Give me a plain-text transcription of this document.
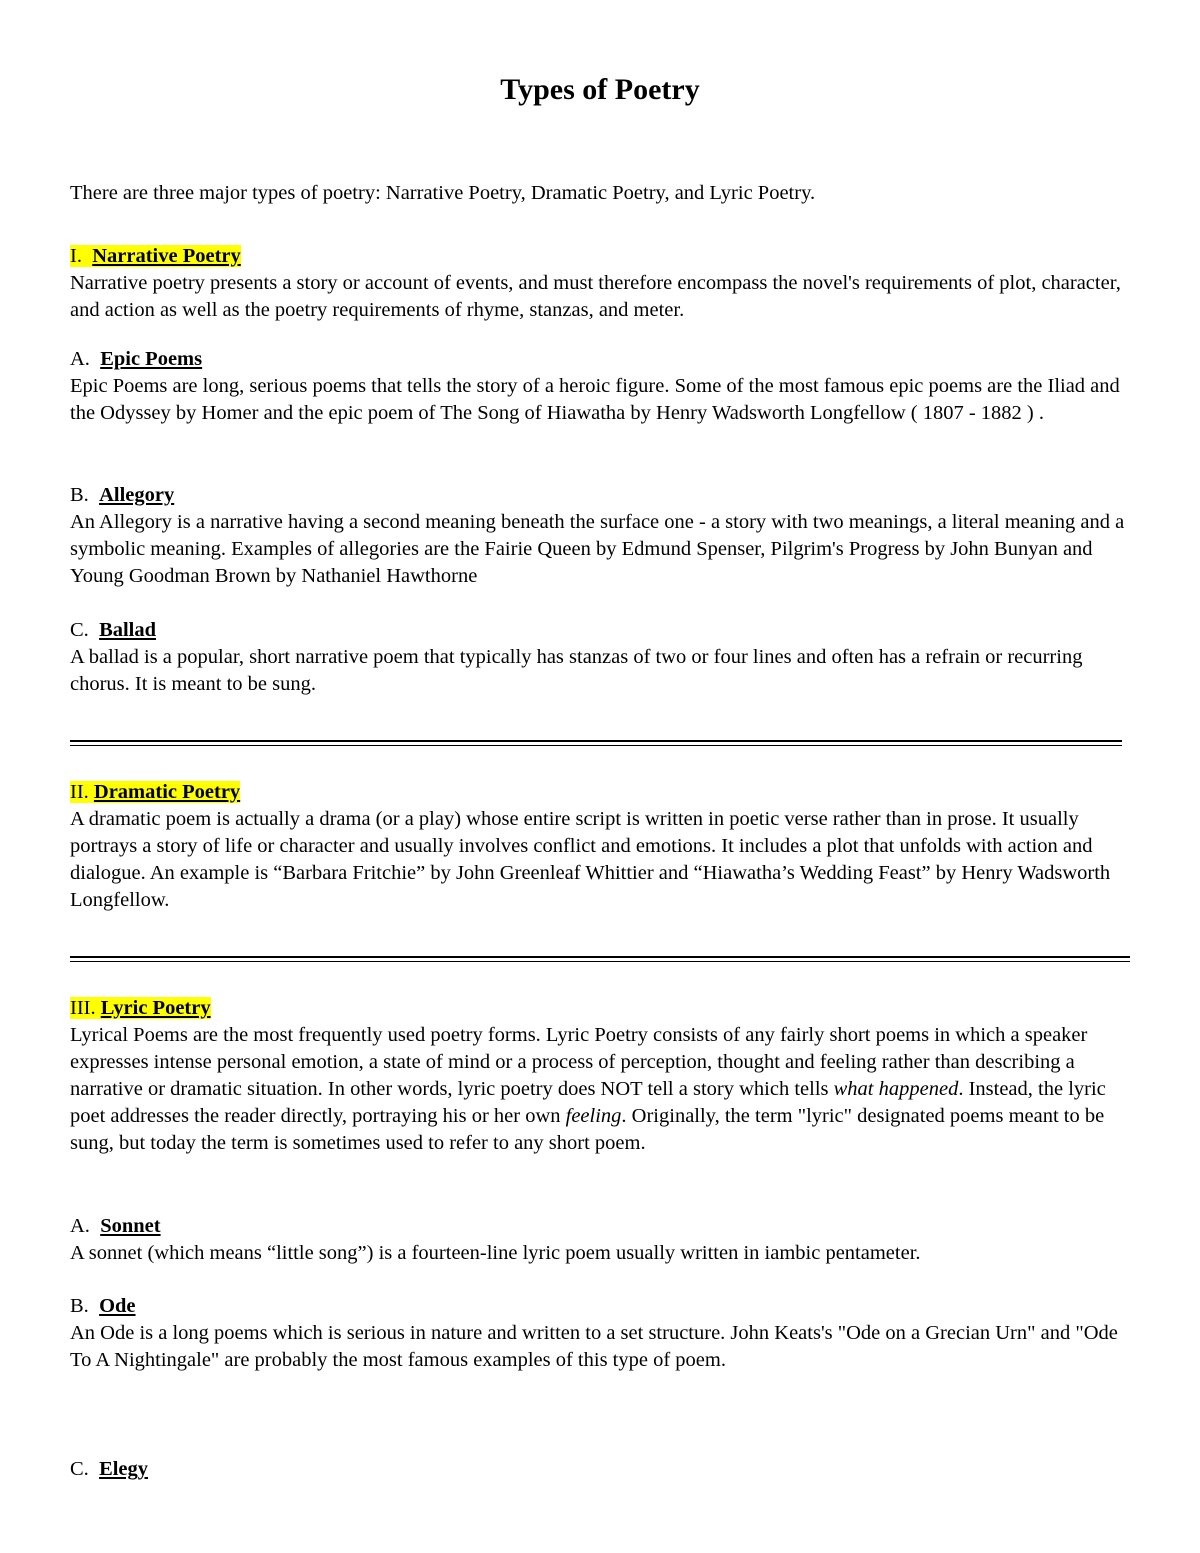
Types of Poetry

There are three major types of poetry: Narrative Poetry, Dramatic Poetry, and Lyric Poetry.

I. Narrative Poetry

Narrative poetry presents a story or account of events, and must therefore encompass the novel's requirements of plot, character, and action as well as the poetry requirements of rhyme, stanzas, and meter.

A. Epic Poems

Epic Poems are long, serious poems that tells the story of a heroic figure. Some of the most famous epic poems are the Iliad and the Odyssey by Homer and the epic poem of The Song of Hiawatha by Henry Wadsworth Longfellow ( 1807 - 1882 ) .

B. Allegory

An Allegory is a narrative having a second meaning beneath the surface one - a story with two meanings, a literal meaning and a symbolic meaning. Examples of allegories are the Fairie Queen by Edmund Spenser, Pilgrim's Progress by John Bunyan and Young Goodman Brown by Nathaniel Hawthorne

C. Ballad

A ballad is a popular, short narrative poem that typically has stanzas of two or four lines and often has a refrain or recurring chorus. It is meant to be sung.

II. Dramatic Poetry

A dramatic poem is actually a drama (or a play) whose entire script is written in poetic verse rather than in prose. It usually portrays a story of life or character and usually involves conflict and emotions. It includes a plot that unfolds with action and dialogue. An example is “Barbara Fritchie” by John Greenleaf Whittier and “Hiawatha’s Wedding Feast” by Henry Wadsworth Longfellow.

III. Lyric Poetry

Lyrical Poems are the most frequently used poetry forms. Lyric Poetry consists of any fairly short poems in which a speaker expresses intense personal emotion, a state of mind or a process of perception, thought and feeling rather than describing a narrative or dramatic situation. In other words, lyric poetry does NOT tell a story which tells what happened. Instead, the lyric poet addresses the reader directly, portraying his or her own feeling. Originally, the term "lyric" designated poems meant to be sung, but today the term is sometimes used to refer to any short poem.

A. Sonnet

A sonnet (which means “little song”) is a fourteen-line lyric poem usually written in iambic pentameter.

B. Ode

An Ode is a long poems which is serious in nature and written to a set structure. John Keats's "Ode on a Grecian Urn" and "Ode To A Nightingale" are probably the most famous examples of this type of poem.

C. Elegy
